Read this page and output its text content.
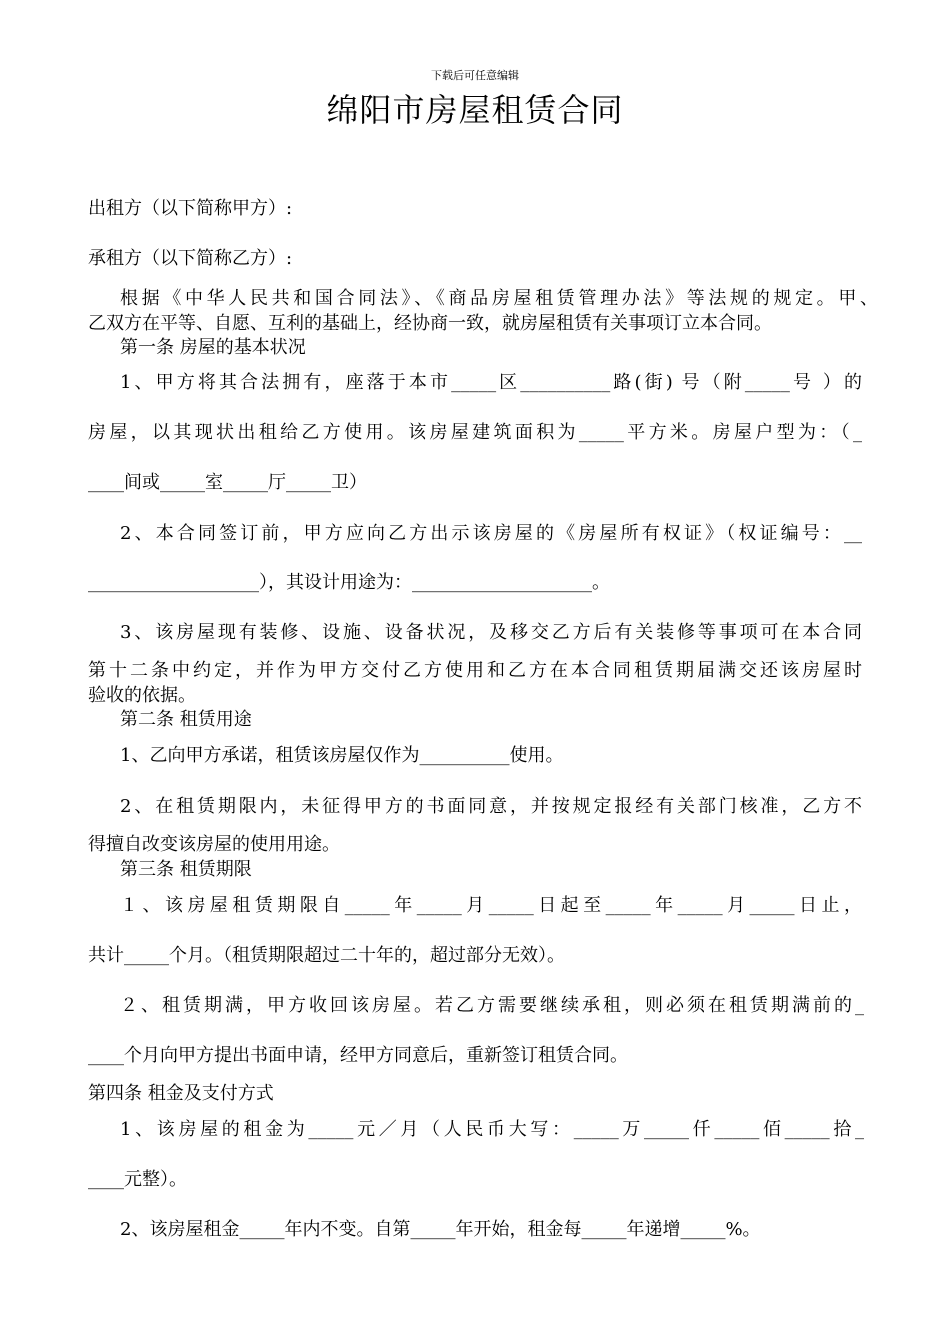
下载后可任意编辑
绵阳市房屋租赁合同
出租方（以下简称甲方）:
承租方（以下简称乙方）:
根据《中华人民共和国合同法》、《商品房屋租赁管理办法》等法规的规定。甲、
乙双方在平等、自愿、互利的基础上，经协商一致，就房屋租赁有关事项订立本合同。
第一条 房屋的基本状况
1、甲方将其合法拥有，座落于本市_____区__________路(街) 号（附_____号 ）的
房屋，以其现状出租给乙方使用。该房屋建筑面积为_____平方米。房屋户型为：（_
____间或_____室_____厅_____卫）
2、本合同签订前，甲方应向乙方出示该房屋的《房屋所有权证》（权证编号：__
___________________），其设计用途为：____________________。
3、该房屋现有装修、设施、设备状况，及移交乙方后有关装修等事项可在本合同
第十二条中约定，并作为甲方交付乙方使用和乙方在本合同租赁期届满交还该房屋时
验收的依据。
第二条 租赁用途
1、乙向甲方承诺，租赁该房屋仅作为__________使用。
2、在租赁期限内，未征得甲方的书面同意，并按规定报经有关部门核准，乙方不
得擅自改变该房屋的使用用途。
第三条 租赁期限
１、该房屋租赁期限自_____年_____月_____日起至_____年_____月_____日止，
共计_____个月。（租赁期限超过二十年的，超过部分无效）。
２、租赁期满，甲方收回该房屋。若乙方需要继续承租，则必须在租赁期满前的_
____个月向甲方提出书面申请，经甲方同意后，重新签订租赁合同。
第四条 租金及支付方式
1、该房屋的租金为_____元／月（人民币大写：_____万_____仟_____佰_____拾_
____元整）。
2、该房屋租金_____年内不变。自第_____年开始，租金每_____年递增_____%。
